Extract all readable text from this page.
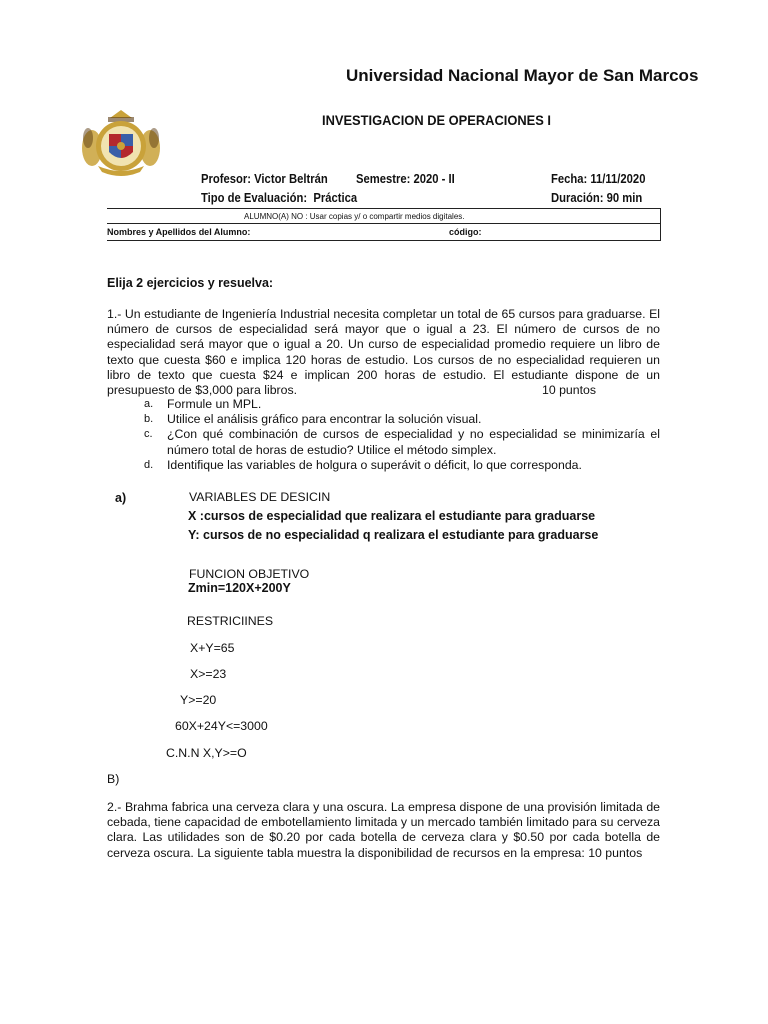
Universidad Nacional Mayor de San Marcos
INVESTIGACION DE OPERACIONES I
Profesor: Victor Beltrán Semestre: 2020 - II	Fecha: 11/11/2020
Tipo de Evaluación: Práctica	Duración: 90 min
ALUMNO(A) NO : Usar copias y/ o compartir medios digitales.
Nombres y Apellidos del Alumno:	código:
Elija 2 ejercicios y resuelva:
1.- Un estudiante de Ingeniería Industrial necesita completar un total de 65 cursos para graduarse. El número de cursos de especialidad será mayor que o igual a 23. El número de cursos de no especialidad será mayor que o igual a 20. Un curso de especialidad promedio requiere un libro de texto que cuesta $60 e implica 120 horas de estudio. Los cursos de no especialidad requieren un libro de texto que cuesta $24 e implican 200 horas de estudio. El estudiante dispone de un presupuesto de $3,000 para libros.	10 puntos
a. Formule un MPL.
b. Utilice el análisis gráfico para encontrar la solución visual.
c. ¿Con qué combinación de cursos de especialidad y no especialidad se minimizaría el número total de horas de estudio? Utilice el método simplex.
d. Identifique las variables de holgura o superávit o déficit, lo que corresponda.
a)	VARIABLES DE DESICIN
X :cursos de especialidad que realizara el estudiante para graduarse
Y: cursos de no especialidad q realizara el estudiante para graduarse
FUNCION OBJETIVO
Zmin=120X+200Y
RESTRICIINES
X+Y=65
X>=23
Y>=20
60X+24Y<=3000
C.N.N X,Y>=O
B)
2.- Brahma fabrica una cerveza clara y una oscura. La empresa dispone de una provisión limitada de cebada, tiene capacidad de embotellamiento limitada y un mercado también limitado para su cerveza clara. Las utilidades son de $0.20 por cada botella de cerveza clara y $0.50 por cada botella de cerveza oscura. La siguiente tabla muestra la disponibilidad de recursos en la empresa: 10 puntos
